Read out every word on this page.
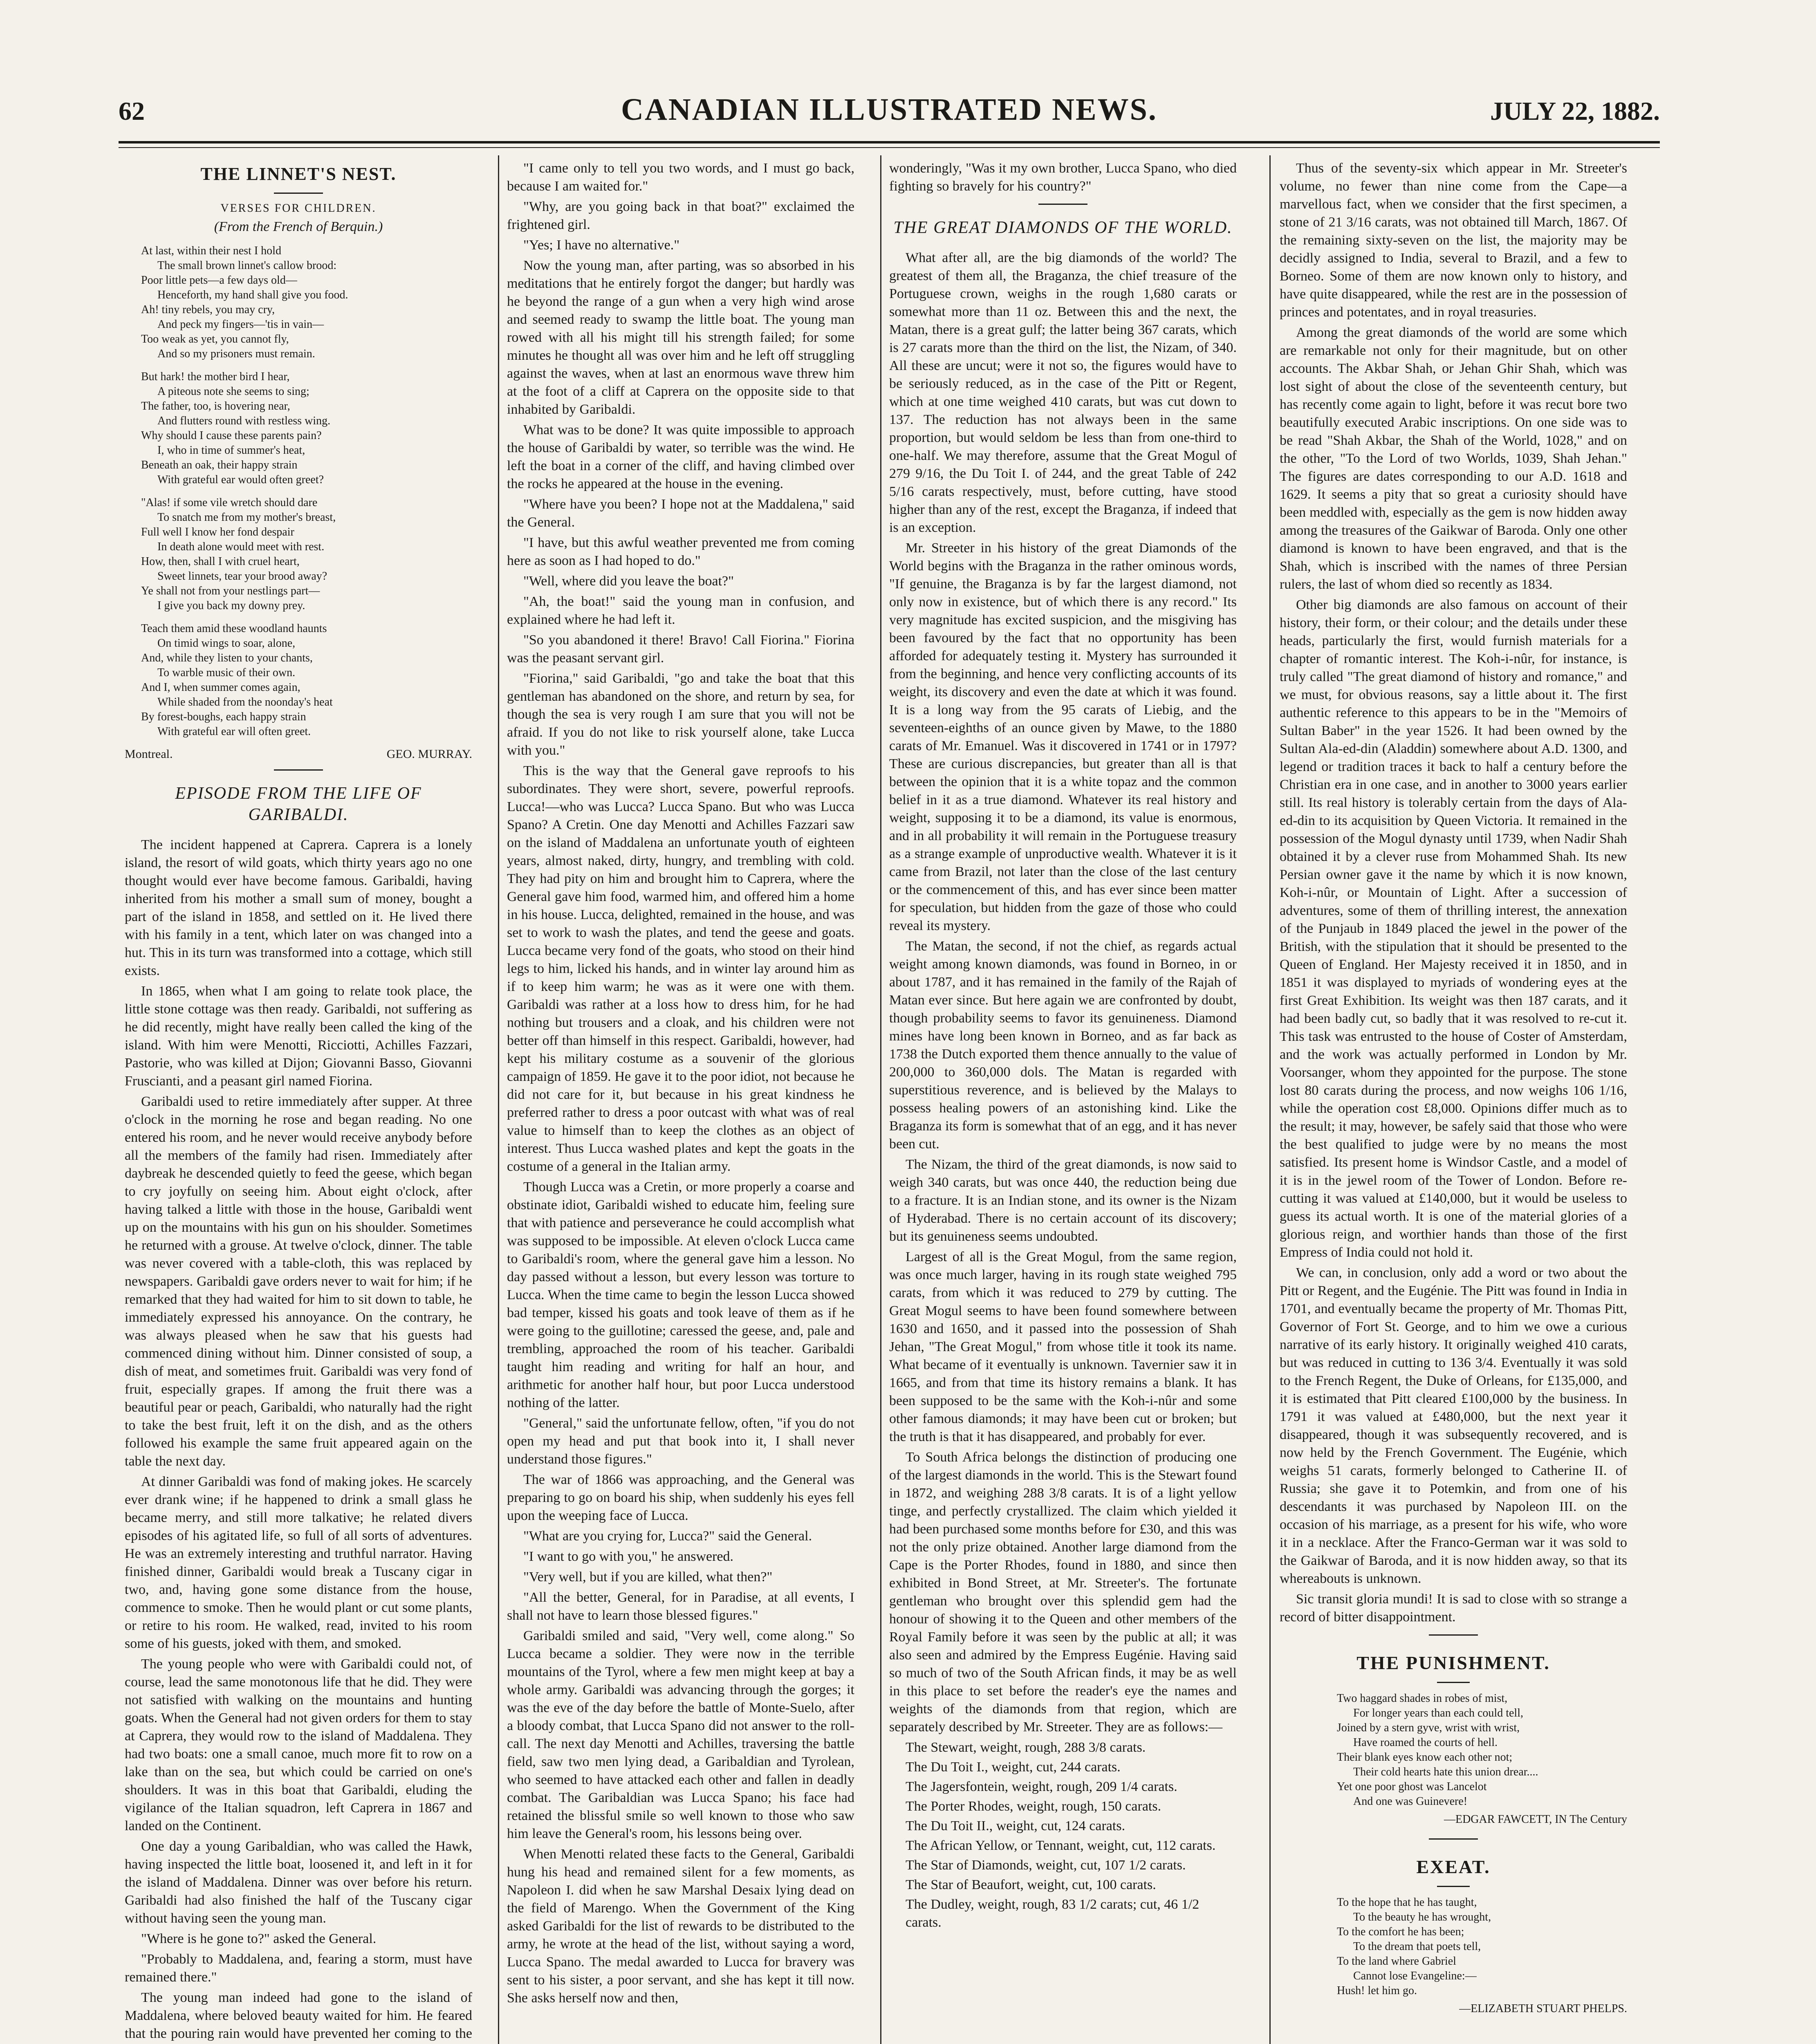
62	CANADIAN ILLUSTRATED NEWS.	JULY 22, 1882.
THE LINNET'S NEST.
VERSES FOR CHILDREN.
(From the French of Berquin.)

At last, within their nest I hold

The small brown linnet's callow brood:

Poor little pets—a few days old—

Henceforth, my hand shall give you food.

Ah! tiny rebels, you may cry,

And peck my fingers—'tis in vain—

Too weak as yet, you cannot fly,

And so my prisoners must remain.

But hark! the mother bird I hear,

A piteous note she seems to sing;

The father, too, is hovering near,

And flutters round with restless wing.

Why should I cause these parents pain?

I, who in time of summer's heat,

Beneath an oak, their happy strain

With grateful ear would often greet?

"Alas! if some vile wretch should dare

To snatch me from my mother's breast,

Full well I know her fond despair

In death alone would meet with rest.

How, then, shall I with cruel heart,

Sweet linnets, tear your brood away?

Ye shall not from your nestlings part—

I give you back my downy prey.

Teach them amid these woodland haunts

On timid wings to soar, alone,

And, while they listen to your chants,

To warble music of their own.

And I, when summer comes again,

While shaded from the noonday's heat

By forest-boughs, each happy strain

With grateful ear will often greet.

Montreal.	GEO. MURRAY.
EPISODE FROM THE LIFE OF GARIBALDI.

The incident happened at Caprera. Caprera is a lonely island, the resort of wild goats, which thirty years ago no one thought would ever have become famous. Garibaldi, having inherited from his mother a small sum of money, bought a part of the island in 1858, and settled on it. He lived there with his family in a tent, which later on was changed into a hut. This in its turn was transformed into a cottage, which still exists.

In 1865, when what I am going to relate took place, the little stone cottage was then ready. Garibaldi, not suffering as he did recently, might have really been called the king of the island. With him were Menotti, Ricciotti, Achilles Fazzari, Pastorie, who was killed at Dijon; Giovanni Basso, Giovanni Fruscianti, and a peasant girl named Fiorina.

Garibaldi used to retire immediately after supper. At three o'clock in the morning he rose and began reading. No one entered his room, and he never would receive anybody before all the members of the family had risen. Immediately after daybreak he descended quietly to feed the geese, which began to cry joyfully on seeing him. About eight o'clock, after having talked a little with those in the house, Garibaldi went up on the mountains with his gun on his shoulder. Sometimes he returned with a grouse. At twelve o'clock, dinner. The table was never covered with a table-cloth, this was replaced by newspapers. Garibaldi gave orders never to wait for him; if he remarked that they had waited for him to sit down to table, he immediately expressed his annoyance. On the contrary, he was always pleased when he saw that his guests had commenced dining without him. Dinner consisted of soup, a dish of meat, and sometimes fruit. Garibaldi was very fond of fruit, especially grapes. If among the fruit there was a beautiful pear or peach, Garibaldi, who naturally had the right to take the best fruit, left it on the dish, and as the others followed his example the same fruit appeared again on the table the next day.

At dinner Garibaldi was fond of making jokes. He scarcely ever drank wine; if he happened to drink a small glass he became merry, and still more talkative; he related divers episodes of his agitated life, so full of all sorts of adventures. He was an extremely interesting and truthful narrator. Having finished dinner, Garibaldi would break a Tuscany cigar in two, and, having gone some distance from the house, commence to smoke. Then he would plant or cut some plants, or retire to his room. He walked, read, invited to his room some of his guests, joked with them, and smoked.

The young people who were with Garibaldi could not, of course, lead the same monotonous life that he did. They were not satisfied with walking on the mountains and hunting goats. When the General had not given orders for them to stay at Caprera, they would row to the island of Maddalena. They had two boats: one a small canoe, much more fit to row on a lake than on the sea, but which could be carried on one's shoulders. It was in this boat that Garibaldi, eluding the vigilance of the Italian squadron, left Caprera in 1867 and landed on the Continent.

One day a young Garibaldian, who was called the Hawk, having inspected the little boat, loosened it, and left in it for the island of Maddalena. Dinner was over before his return. Garibaldi had also finished the half of the Tuscany cigar without having seen the young man.

"Where is he gone to?" asked the General.

"Probably to Maddalena, and, fearing a storm, must have remained there."

The young man indeed had gone to the island of Maddalena, where beloved beauty waited for him. He feared that the pouring rain would have prevented her coming to the

"I came only to tell you two words, and I must go back, because I am waited for."

"Why, are you going back in that boat?" exclaimed the frightened girl.

"Yes; I have no alternative."

Now the young man, after parting, was so absorbed in his meditations that he entirely forgot the danger; but hardly was he beyond the range of a gun when a very high wind arose and seemed ready to swamp the little boat. The young man rowed with all his might till his strength failed; for some minutes he thought all was over him and he left off struggling against the waves, when at last an enormous wave threw him at the foot of a cliff at Caprera on the opposite side to that inhabited by Garibaldi.

What was to be done? It was quite impossible to approach the house of Garibaldi by water, so terrible was the wind. He left the boat in a corner of the cliff, and having climbed over the rocks he appeared at the house in the evening.

"Where have you been? I hope not at the Maddalena," said the General.

"I have, but this awful weather prevented me from coming here as soon as I had hoped to do."

"Well, where did you leave the boat?"

"Ah, the boat!" said the young man in confusion, and explained where he had left it.

"So you abandoned it there! Bravo! Call Fiorina." Fiorina was the peasant servant girl.

"Fiorina," said Garibaldi, "go and take the boat that this gentleman has abandoned on the shore, and return by sea, for though the sea is very rough I am sure that you will not be afraid. If you do not like to risk yourself alone, take Lucca with you."

This is the way that the General gave reproofs to his subordinates. They were short, severe, powerful reproofs. Lucca!—who was Lucca? Lucca Spano. But who was Lucca Spano? A Cretin. One day Menotti and Achilles Fazzari saw on the island of Maddalena an unfortunate youth of eighteen years, almost naked, dirty, hungry, and trembling with cold. They had pity on him and brought him to Caprera, where the General gave him food, warmed him, and offered him a home in his house. Lucca, delighted, remained in the house, and was set to work to wash the plates, and tend the geese and goats. Lucca became very fond of the goats, who stood on their hind legs to him, licked his hands, and in winter lay around him as if to keep him warm; he was as it were one with them. Garibaldi was rather at a loss how to dress him, for he had nothing but trousers and a cloak, and his children were not better off than himself in this respect. Garibaldi, however, had kept his military costume as a souvenir of the glorious campaign of 1859. He gave it to the poor idiot, not because he did not care for it, but because in his great kindness he preferred rather to dress a poor outcast with what was of real value to himself than to keep the clothes as an object of interest. Thus Lucca washed plates and kept the goats in the costume of a general in the Italian army.

Though Lucca was a Cretin, or more properly a coarse and obstinate idiot, Garibaldi wished to educate him, feeling sure that with patience and perseverance he could accomplish what was supposed to be impossible. At eleven o'clock Lucca came to Garibaldi's room, where the general gave him a lesson. No day passed without a lesson, but every lesson was torture to Lucca. When the time came to begin the lesson Lucca showed bad temper, kissed his goats and took leave of them as if he were going to the guillotine; caressed the geese, and, pale and trembling, approached the room of his teacher. Garibaldi taught him reading and writing for half an hour, and arithmetic for another half hour, but poor Lucca understood nothing of the latter.

"General," said the unfortunate fellow, often, "if you do not open my head and put that book into it, I shall never understand those figures."

The war of 1866 was approaching, and the General was preparing to go on board his ship, when suddenly his eyes fell upon the weeping face of Lucca.

"What are you crying for, Lucca?" said the General.

"I want to go with you," he answered.

"Very well, but if you are killed, what then?"

"All the better, General, for in Paradise, at all events, I shall not have to learn those blessed figures."

Garibaldi smiled and said, "Very well, come along." So Lucca became a soldier. They were now in the terrible mountains of the Tyrol, where a few men might keep at bay a whole army. Garibaldi was advancing through the gorges; it was the eve of the day before the battle of Monte-Suelo, after a bloody combat, that Lucca Spano did not answer to the roll-call. The next day Menotti and Achilles, traversing the battle field, saw two men lying dead, a Garibaldian and Tyrolean, who seemed to have attacked each other and fallen in deadly combat. The Garibaldian was Lucca Spano; his face had retained the blissful smile so well known to those who saw him leave the General's room, his lessons being over.

When Menotti related these facts to the General, Garibaldi hung his head and remained silent for a few moments, as Napoleon I. did when he saw Marshal Desaix lying dead on the field of Marengo. When the Government of the King asked Garibaldi for the list of rewards to be distributed to the army, he wrote at the head of the list, without saying a word, Lucca Spano. The medal awarded to Lucca for bravery was sent to his sister, a poor servant, and she has kept it till now. She asks herself now and then,

wonderingly, "Was it my own brother, Lucca Spano, who died fighting so bravely for his country?"

THE GREAT DIAMONDS OF THE WORLD.

What after all, are the big diamonds of the world? The greatest of them all, the Braganza, the chief treasure of the Portuguese crown, weighs in the rough 1,680 carats or somewhat more than 11 oz. Between this and the next, the Matan, there is a great gulf; the latter being 367 carats, which is 27 carats more than the third on the list, the Nizam, of 340. All these are uncut; were it not so, the figures would have to be seriously reduced, as in the case of the Pitt or Regent, which at one time weighed 410 carats, but was cut down to 137. The reduction has not always been in the same proportion, but would seldom be less than from one-third to one-half. We may therefore, assume that the Great Mogul of 279 9/16, the Du Toit I. of 244, and the great Table of 242 5/16 carats respectively, must, before cutting, have stood higher than any of the rest, except the Braganza, if indeed that is an exception.

Mr. Streeter in his history of the great Diamonds of the World begins with the Braganza in the rather ominous words, "If genuine, the Braganza is by far the largest diamond, not only now in existence, but of which there is any record." Its very magnitude has excited suspicion, and the misgiving has been favoured by the fact that no opportunity has been afforded for adequately testing it. Mystery has surrounded it from the beginning, and hence very conflicting accounts of its weight, its discovery and even the date at which it was found. It is a long way from the 95 carats of Liebig, and the seventeen-eighths of an ounce given by Mawe, to the 1880 carats of Mr. Emanuel. Was it discovered in 1741 or in 1797? These are curious discrepancies, but greater than all is that between the opinion that it is a white topaz and the common belief in it as a true diamond. Whatever its real history and weight, supposing it to be a diamond, its value is enormous, and in all probability it will remain in the Portuguese treasury as a strange example of unproductive wealth. Whatever it is it came from Brazil, not later than the close of the last century or the commencement of this, and has ever since been matter for speculation, but hidden from the gaze of those who could reveal its mystery.

The Matan, the second, if not the chief, as regards actual weight among known diamonds, was found in Borneo, in or about 1787, and it has remained in the family of the Rajah of Matan ever since. But here again we are confronted by doubt, though probability seems to favor its genuineness. Diamond mines have long been known in Borneo, and as far back as 1738 the Dutch exported them thence annually to the value of 200,000 to 360,000 dols. The Matan is regarded with superstitious reverence, and is believed by the Malays to possess healing powers of an astonishing kind. Like the Braganza its form is somewhat that of an egg, and it has never been cut.

The Nizam, the third of the great diamonds, is now said to weigh 340 carats, but was once 440, the reduction being due to a fracture. It is an Indian stone, and its owner is the Nizam of Hyderabad. There is no certain account of its discovery; but its genuineness seems undoubted.

Largest of all is the Great Mogul, from the same region, was once much larger, having in its rough state weighed 795 carats, from which it was reduced to 279 by cutting. The Great Mogul seems to have been found somewhere between 1630 and 1650, and it passed into the possession of Shah Jehan, "The Great Mogul," from whose title it took its name. What became of it eventually is unknown. Tavernier saw it in 1665, and from that time its history remains a blank. It has been supposed to be the same with the Koh-i-nûr and some other famous diamonds; it may have been cut or broken; but the truth is that it has disappeared, and probably for ever.

To South Africa belongs the distinction of producing one of the largest diamonds in the world. This is the Stewart found in 1872, and weighing 288 3/8 carats. It is of a light yellow tinge, and perfectly crystallized. The claim which yielded it had been purchased some months before for £30, and this was not the only prize obtained. Another large diamond from the Cape is the Porter Rhodes, found in 1880, and since then exhibited in Bond Street, at Mr. Streeter's. The fortunate gentleman who brought over this splendid gem had the honour of showing it to the Queen and other members of the Royal Family before it was seen by the public at all; it was also seen and admired by the Empress Eugénie. Having said so much of two of the South African finds, it may be as well in this place to set before the reader's eye the names and weights of the diamonds from that region, which are separately described by Mr. Streeter. They are as follows:—

The Stewart, weight, rough, 288 3/8 carats.

The Du Toit I., weight, cut, 244 carats.

The Jagersfontein, weight, rough, 209 1/4 carats.

The Porter Rhodes, weight, rough, 150 carats.

The Du Toit II., weight, cut, 124 carats.

The African Yellow, or Tennant, weight, cut, 112 carats.

The Star of Diamonds, weight, cut, 107 1/2 carats.

The Star of Beaufort, weight, cut, 100 carats.

The Dudley, weight, rough, 83 1/2 carats; cut, 46 1/2 carats.

Thus of the seventy-six which appear in Mr. Streeter's volume, no fewer than nine come from the Cape—a marvellous fact, when we consider that the first specimen, a stone of 21 3/16 carats, was not obtained till March, 1867. Of the remaining sixty-seven on the list, the majority may be decidly assigned to India, several to Brazil, and a few to Borneo. Some of them are now known only to history, and have quite disappeared, while the rest are in the possession of princes and potentates, and in royal treasuries.

Among the great diamonds of the world are some which are remarkable not only for their magnitude, but on other accounts. The Akbar Shah, or Jehan Ghir Shah, which was lost sight of about the close of the seventeenth century, but has recently come again to light, before it was recut bore two beautifully executed Arabic inscriptions. On one side was to be read "Shah Akbar, the Shah of the World, 1028," and on the other, "To the Lord of two Worlds, 1039, Shah Jehan." The figures are dates corresponding to our A.D. 1618 and 1629. It seems a pity that so great a curiosity should have been meddled with, especially as the gem is now hidden away among the treasures of the Gaikwar of Baroda. Only one other diamond is known to have been engraved, and that is the Shah, which is inscribed with the names of three Persian rulers, the last of whom died so recently as 1834.

Other big diamonds are also famous on account of their history, their form, or their colour; and the details under these heads, particularly the first, would furnish materials for a chapter of romantic interest. The Koh-i-nûr, for instance, is truly called "The great diamond of history and romance," and we must, for obvious reasons, say a little about it. The first authentic reference to this appears to be in the "Memoirs of Sultan Baber" in the year 1526. It had been owned by the Sultan Ala-ed-din (Aladdin) somewhere about A.D. 1300, and legend or tradition traces it back to half a century before the Christian era in one case, and in another to 3000 years earlier still. Its real history is tolerably certain from the days of Ala-ed-din to its acquisition by Queen Victoria. It remained in the possession of the Mogul dynasty until 1739, when Nadir Shah obtained it by a clever ruse from Mohammed Shah. Its new Persian owner gave it the name by which it is now known, Koh-i-nûr, or Mountain of Light. After a succession of adventures, some of them of thrilling interest, the annexation of the Punjaub in 1849 placed the jewel in the power of the British, with the stipulation that it should be presented to the Queen of England. Her Majesty received it in 1850, and in 1851 it was displayed to myriads of wondering eyes at the first Great Exhibition. Its weight was then 187 carats, and it had been badly cut, so badly that it was resolved to re-cut it. This task was entrusted to the house of Coster of Amsterdam, and the work was actually performed in London by Mr. Voorsanger, whom they appointed for the purpose. The stone lost 80 carats during the process, and now weighs 106 1/16, while the operation cost £8,000. Opinions differ much as to the result; it may, however, be safely said that those who were the best qualified to judge were by no means the most satisfied. Its present home is Windsor Castle, and a model of it is in the jewel room of the Tower of London. Before re-cutting it was valued at £140,000, but it would be useless to guess its actual worth. It is one of the material glories of a glorious reign, and worthier hands than those of the first Empress of India could not hold it.

We can, in conclusion, only add a word or two about the Pitt or Regent, and the Eugénie. The Pitt was found in India in 1701, and eventually became the property of Mr. Thomas Pitt, Governor of Fort St. George, and to him we owe a curious narrative of its early history. It originally weighed 410 carats, but was reduced in cutting to 136 3/4. Eventually it was sold to the French Regent, the Duke of Orleans, for £135,000, and it is estimated that Pitt cleared £100,000 by the business. In 1791 it was valued at £480,000, but the next year it disappeared, though it was subsequently recovered, and is now held by the French Government. The Eugénie, which weighs 51 carats, formerly belonged to Catherine II. of Russia; she gave it to Potemkin, and from one of his descendants it was purchased by Napoleon III. on the occasion of his marriage, as a present for his wife, who wore it in a necklace. After the Franco-German war it was sold to the Gaikwar of Baroda, and it is now hidden away, so that its whereabouts is unknown.

Sic transit gloria mundi! It is sad to close with so strange a record of bitter disappointment.

THE PUNISHMENT.

Two haggard shades in robes of mist,

For longer years than each could tell,

Joined by a stern gyve, wrist with wrist,

Have roamed the courts of hell.

Their blank eyes know each other not;

Their cold hearts hate this union drear....

Yet one poor ghost was Lancelot

And one was Guinevere!

—EDGAR FAWCETT, IN The Century
EXEAT.

To the hope that he has taught,

To the beauty he has wrought,

To the comfort he has been;

To the dream that poets tell,

To the land where Gabriel

Cannot lose Evangeline:—

Hush! let him go.

—ELIZABETH STUART PHELPS.
